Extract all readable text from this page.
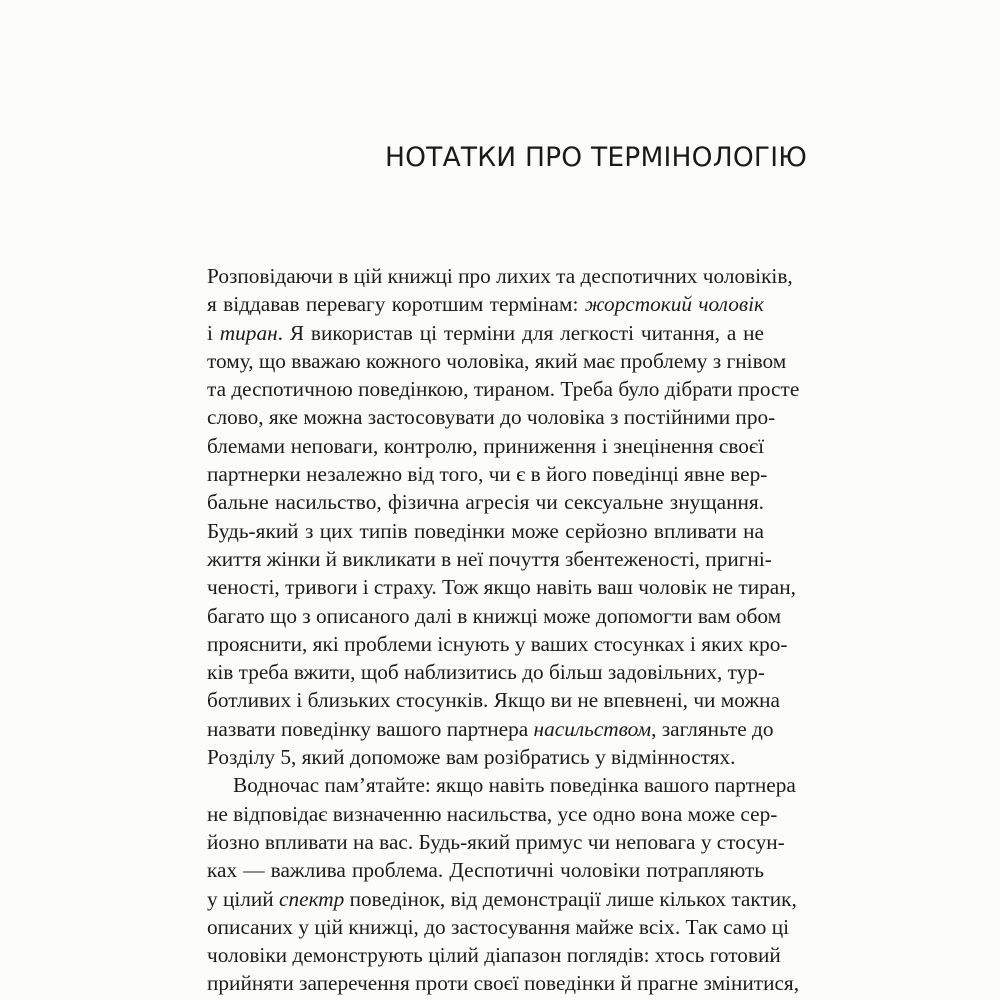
НОТАТКИ ПРО ТЕРМІНОЛОГІЮ
Розповідаючи в цій книжці про лихих та деспотичних чоловіків,
я віддавав перевагу коротшим термінам: жорстокий чоловік
і тиран. Я використав ці терміни для легкості читання, а не
тому, що вважаю кожного чоловіка, який має проблему з гнівом
та деспотичною поведінкою, тираном. Треба було дібрати просте
слово, яке можна застосовувати до чоловіка з постійними про-
блемами неповаги, контролю, приниження і знецінення своєї
партнерки незалежно від того, чи є в його поведінці явне вер-
бальне насильство, фізична агресія чи сексуальне знущання.
Будь-який з цих типів поведінки може серйозно впливати на
життя жінки й викликати в неї почуття збентеженості, пригні-
ченості, тривоги і страху. Тож якщо навіть ваш чоловік не тиран,
багато що з описаного далі в книжці може допомогти вам обом
прояснити, які проблеми існують у ваших стосунках і яких кро-
ків треба вжити, щоб наблизитись до більш задовільних, тур-
ботливих і близьких стосунків. Якщо ви не впевнені, чи можна
назвати поведінку вашого партнера насильством, загляньте до
Розділу 5, який допоможе вам розібратись у відмінностях.
Водночас пам’ятайте: якщо навіть поведінка вашого партнера
не відповідає визначенню насильства, усе одно вона може сер-
йозно впливати на вас. Будь-який примус чи неповага у стосун-
ках — важлива проблема. Деспотичні чоловіки потрапляють
у цілий спектр поведінок, від демонстрації лише кількох тактик,
описаних у цій книжці, до застосування майже всіх. Так само ці
чоловіки демонструють цілий діапазон поглядів: хтось готовий
прийняти заперечення проти своєї поведінки й прагне змінитися,
